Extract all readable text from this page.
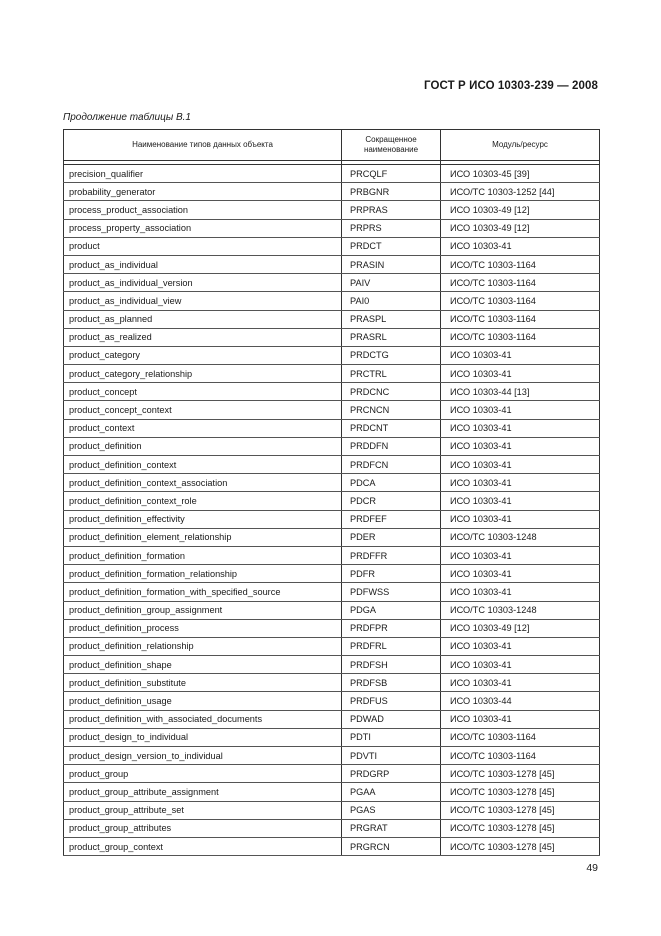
ГОСТ Р ИСО 10303-239 — 2008
Продолжение таблицы В.1
Наименование типов данных объекта	Сокращенное наименование	Модуль/ресурс

precision_qualifier	PRCQLF	ИСО 10303-45 [39]
probability_generator	PRBGNR	ИСО/ТС 10303-1252 [44]
process_product_association	PRPRAS	ИСО 10303-49 [12]
process_property_association	PRPRS	ИСО 10303-49 [12]
product	PRDCT	ИСО 10303-41
product_as_individual	PRASIN	ИСО/ТС 10303-1164
product_as_individual_version	PAIV	ИСО/ТС 10303-1164
product_as_individual_view	PAI0	ИСО/ТС 10303-1164
product_as_planned	PRASPL	ИСО/ТС 10303-1164
product_as_realized	PRASRL	ИСО/ТС 10303-1164
product_category	PRDCTG	ИСО 10303-41
product_category_relationship	PRCTRL	ИСО 10303-41
product_concept	PRDCNC	ИСО 10303-44 [13]
product_concept_context	PRCNCN	ИСО 10303-41
product_context	PRDCNT	ИСО 10303-41
product_definition	PRDDFN	ИСО 10303-41
product_definition_context	PRDFCN	ИСО 10303-41
product_definition_context_association	PDCA	ИСО 10303-41
product_definition_context_role	PDCR	ИСО 10303-41
product_definition_effectivity	PRDFEF	ИСО 10303-41
product_definition_element_relationship	PDER	ИСО/ТС 10303-1248
product_definition_formation	PRDFFR	ИСО 10303-41
product_definition_formation_relationship	PDFR	ИСО 10303-41
product_definition_formation_with_specified_source	PDFWSS	ИСО 10303-41
product_definition_group_assignment	PDGA	ИСО/ТС 10303-1248
product_definition_process	PRDFPR	ИСО 10303-49 [12]
product_definition_relationship	PRDFRL	ИСО 10303-41
product_definition_shape	PRDFSH	ИСО 10303-41
product_definition_substitute	PRDFSB	ИСО 10303-41
product_definition_usage	PRDFUS	ИСО 10303-44
product_definition_with_associated_documents	PDWAD	ИСО 10303-41
product_design_to_individual	PDTI	ИСО/ТС 10303-1164
product_design_version_to_individual	PDVTI	ИСО/ТС 10303-1164
product_group	PRDGRP	ИСО/ТС 10303-1278 [45]
product_group_attribute_assignment	PGAA	ИСО/ТС 10303-1278 [45]
product_group_attribute_set	PGAS	ИСО/ТС 10303-1278 [45]
product_group_attributes	PRGRAT	ИСО/ТС 10303-1278 [45]
product_group_context	PRGRCN	ИСО/ТС 10303-1278 [45]
49
